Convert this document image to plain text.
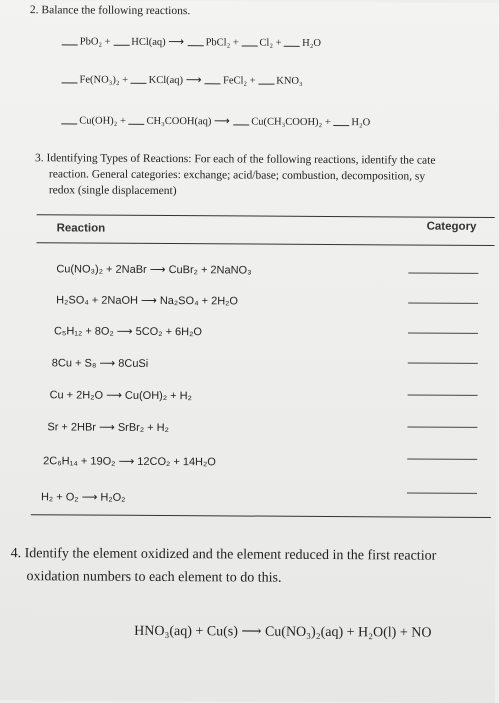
2. Balance the following reactions.
PbO₂ + HCl(aq) ⟶ PbCl₂ + Cl₂ + H₂O
Fe(NO₃)₂ + KCl(aq) ⟶ FeCl₂ + KNO₃
Cu(OH)₂ + CH₃COOH(aq) ⟶ Cu(CH₃COOH)₂ + H₂O
3. Identifying Types of Reactions: For each of the following reactions, identify the cate
reaction. General categories: exchange; acid/base; combustion, decomposition, sy
redox (single displacement)
Reaction	Category
Cu(NO₃)₂ + 2NaBr ⟶ CuBr₂ + 2NaNO₃
H₂SO₄ + 2NaOH ⟶ Na₂SO₄ + 2H₂O
C₅H₁₂ + 8O₂ ⟶ 5CO₂ + 6H₂O
8Cu + S₈ ⟶ 8CuSi
Cu + 2H₂O ⟶ Cu(OH)₂ + H₂
Sr + 2HBr ⟶ SrBr₂ + H₂
2C₆H₁₄ + 19O₂ ⟶ 12CO₂ + 14H₂O
H₂ + O₂ ⟶ H₂O₂
4. Identify the element oxidized and the element reduced in the first reactior
oxidation numbers to each element to do this.
HNO₃(aq) + Cu(s) ⟶ Cu(NO₃)₂(aq) + H₂O(l) + NO
